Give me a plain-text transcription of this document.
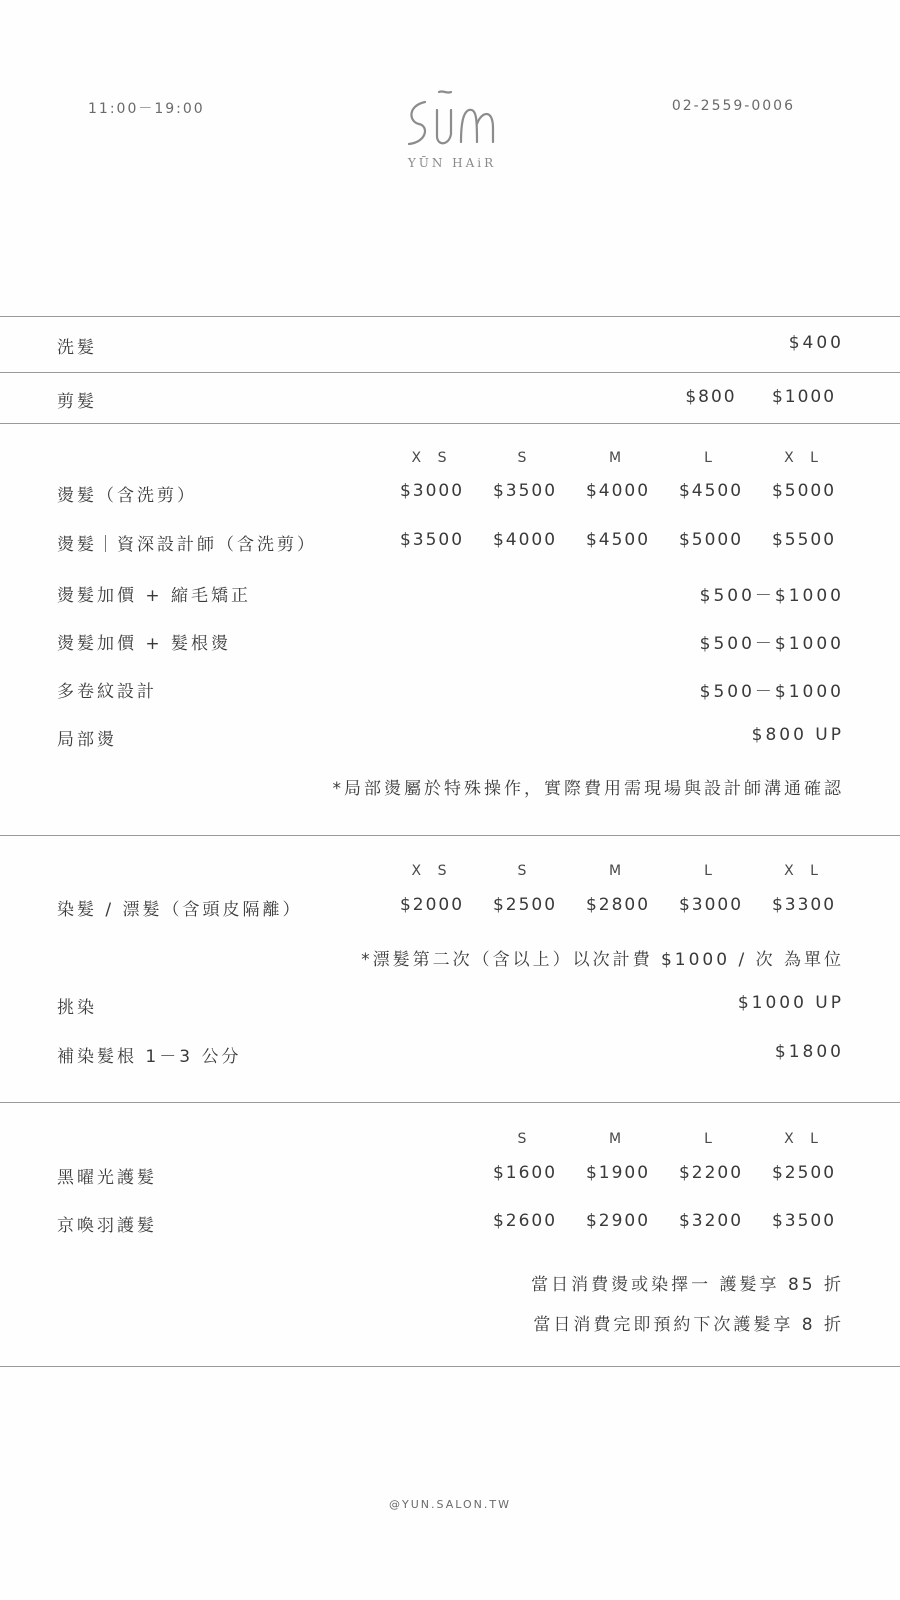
11:00－19:00
YŪN HAiR
02-2559-0006
洗髮	$400
剪髮	$800	$1000
X S	S	M	L	X L
燙髮（含洗剪）	$3000	$3500	$4000	$4500	$5000
燙髮｜資深設計師（含洗剪）	$3500	$4000	$4500	$5000	$5500
燙髮加價 + 縮毛矯正	$500－$1000
燙髮加價 + 髮根燙	$500－$1000
多卷紋設計	$500－$1000
局部燙	$800 UP
*局部燙屬於特殊操作，實際費用需現場與設計師溝通確認
X S	S	M	L	X L
染髮 / 漂髮（含頭皮隔離）	$2000	$2500	$2800	$3000	$3300
*漂髮第二次（含以上）以次計費 $1000 / 次 為單位
挑染	$1000 UP
補染髮根 1－3 公分	$1800
S	M	L	X L
黑曜光護髮	$1600	$1900	$2200	$2500
京喚羽護髮	$2600	$2900	$3200	$3500
當日消費燙或染擇一 護髮享 85 折
當日消費完即預約下次護髮享 8 折
@YUN.SALON.TW
